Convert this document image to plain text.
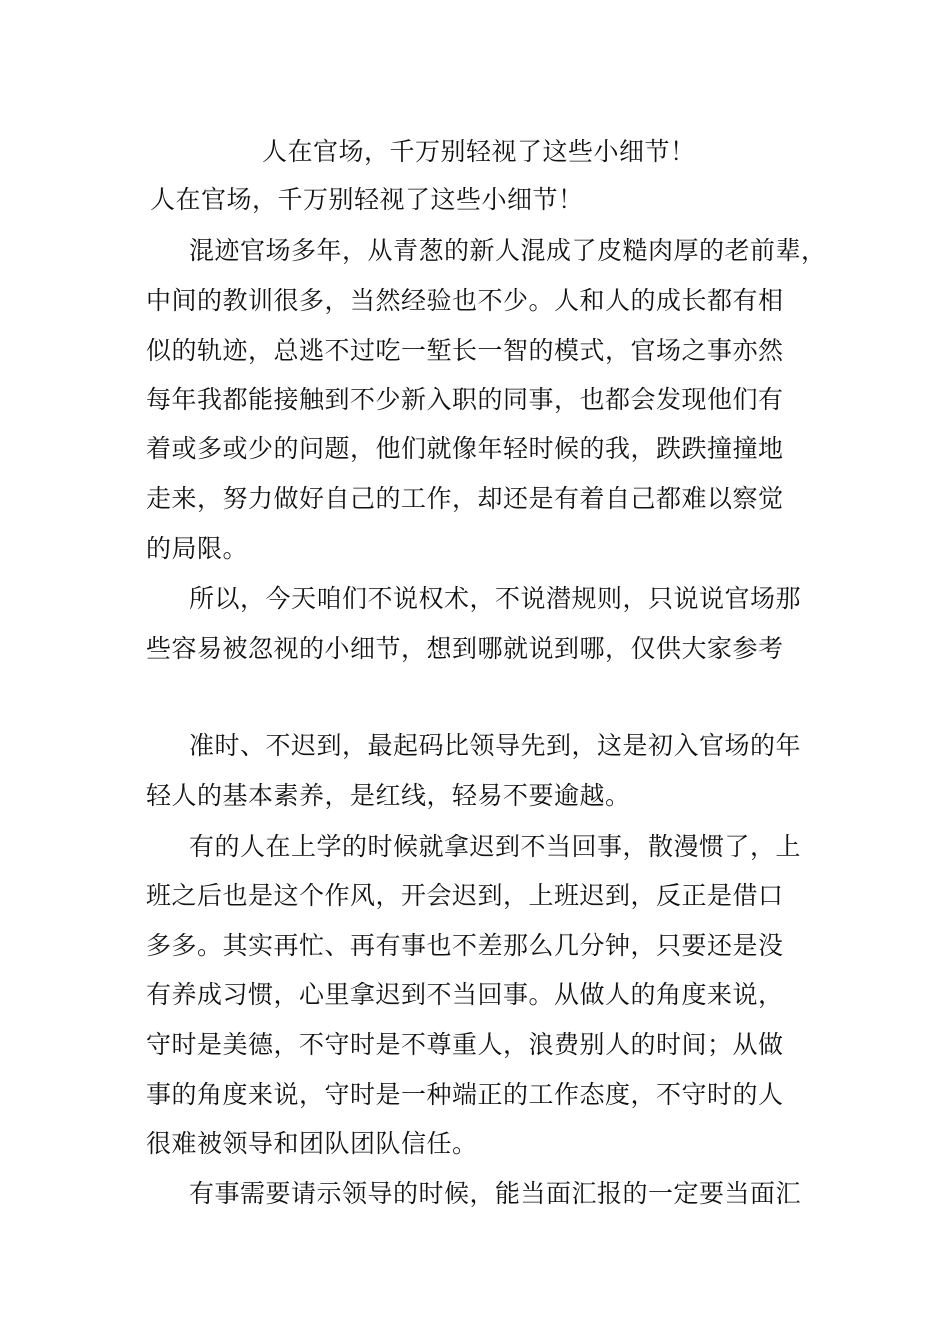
人在官场，千万别轻视了这些小细节！
人在官场，千万别轻视了这些小细节！
混迹官场多年，从青葱的新人混成了皮糙肉厚的老前辈，
中间的教训很多，当然经验也不少。人和人的成长都有相
似的轨迹，总逃不过吃一堑长一智的模式，官场之事亦然
每年我都能接触到不少新入职的同事，也都会发现他们有
着或多或少的问题，他们就像年轻时候的我，跌跌撞撞地
走来，努力做好自己的工作，却还是有着自己都难以察觉
的局限。
所以，今天咱们不说权术，不说潜规则，只说说官场那
些容易被忽视的小细节，想到哪就说到哪，仅供大家参考
准时、不迟到，最起码比领导先到，这是初入官场的年
轻人的基本素养，是红线，轻易不要逾越。
有的人在上学的时候就拿迟到不当回事，散漫惯了，上
班之后也是这个作风，开会迟到，上班迟到，反正是借口
多多。其实再忙、再有事也不差那么几分钟，只要还是没
有养成习惯，心里拿迟到不当回事。从做人的角度来说，
守时是美德，不守时是不尊重人，浪费别人的时间；从做
事的角度来说，守时是一种端正的工作态度，不守时的人
很难被领导和团队团队信任。
有事需要请示领导的时候，能当面汇报的一定要当面汇
